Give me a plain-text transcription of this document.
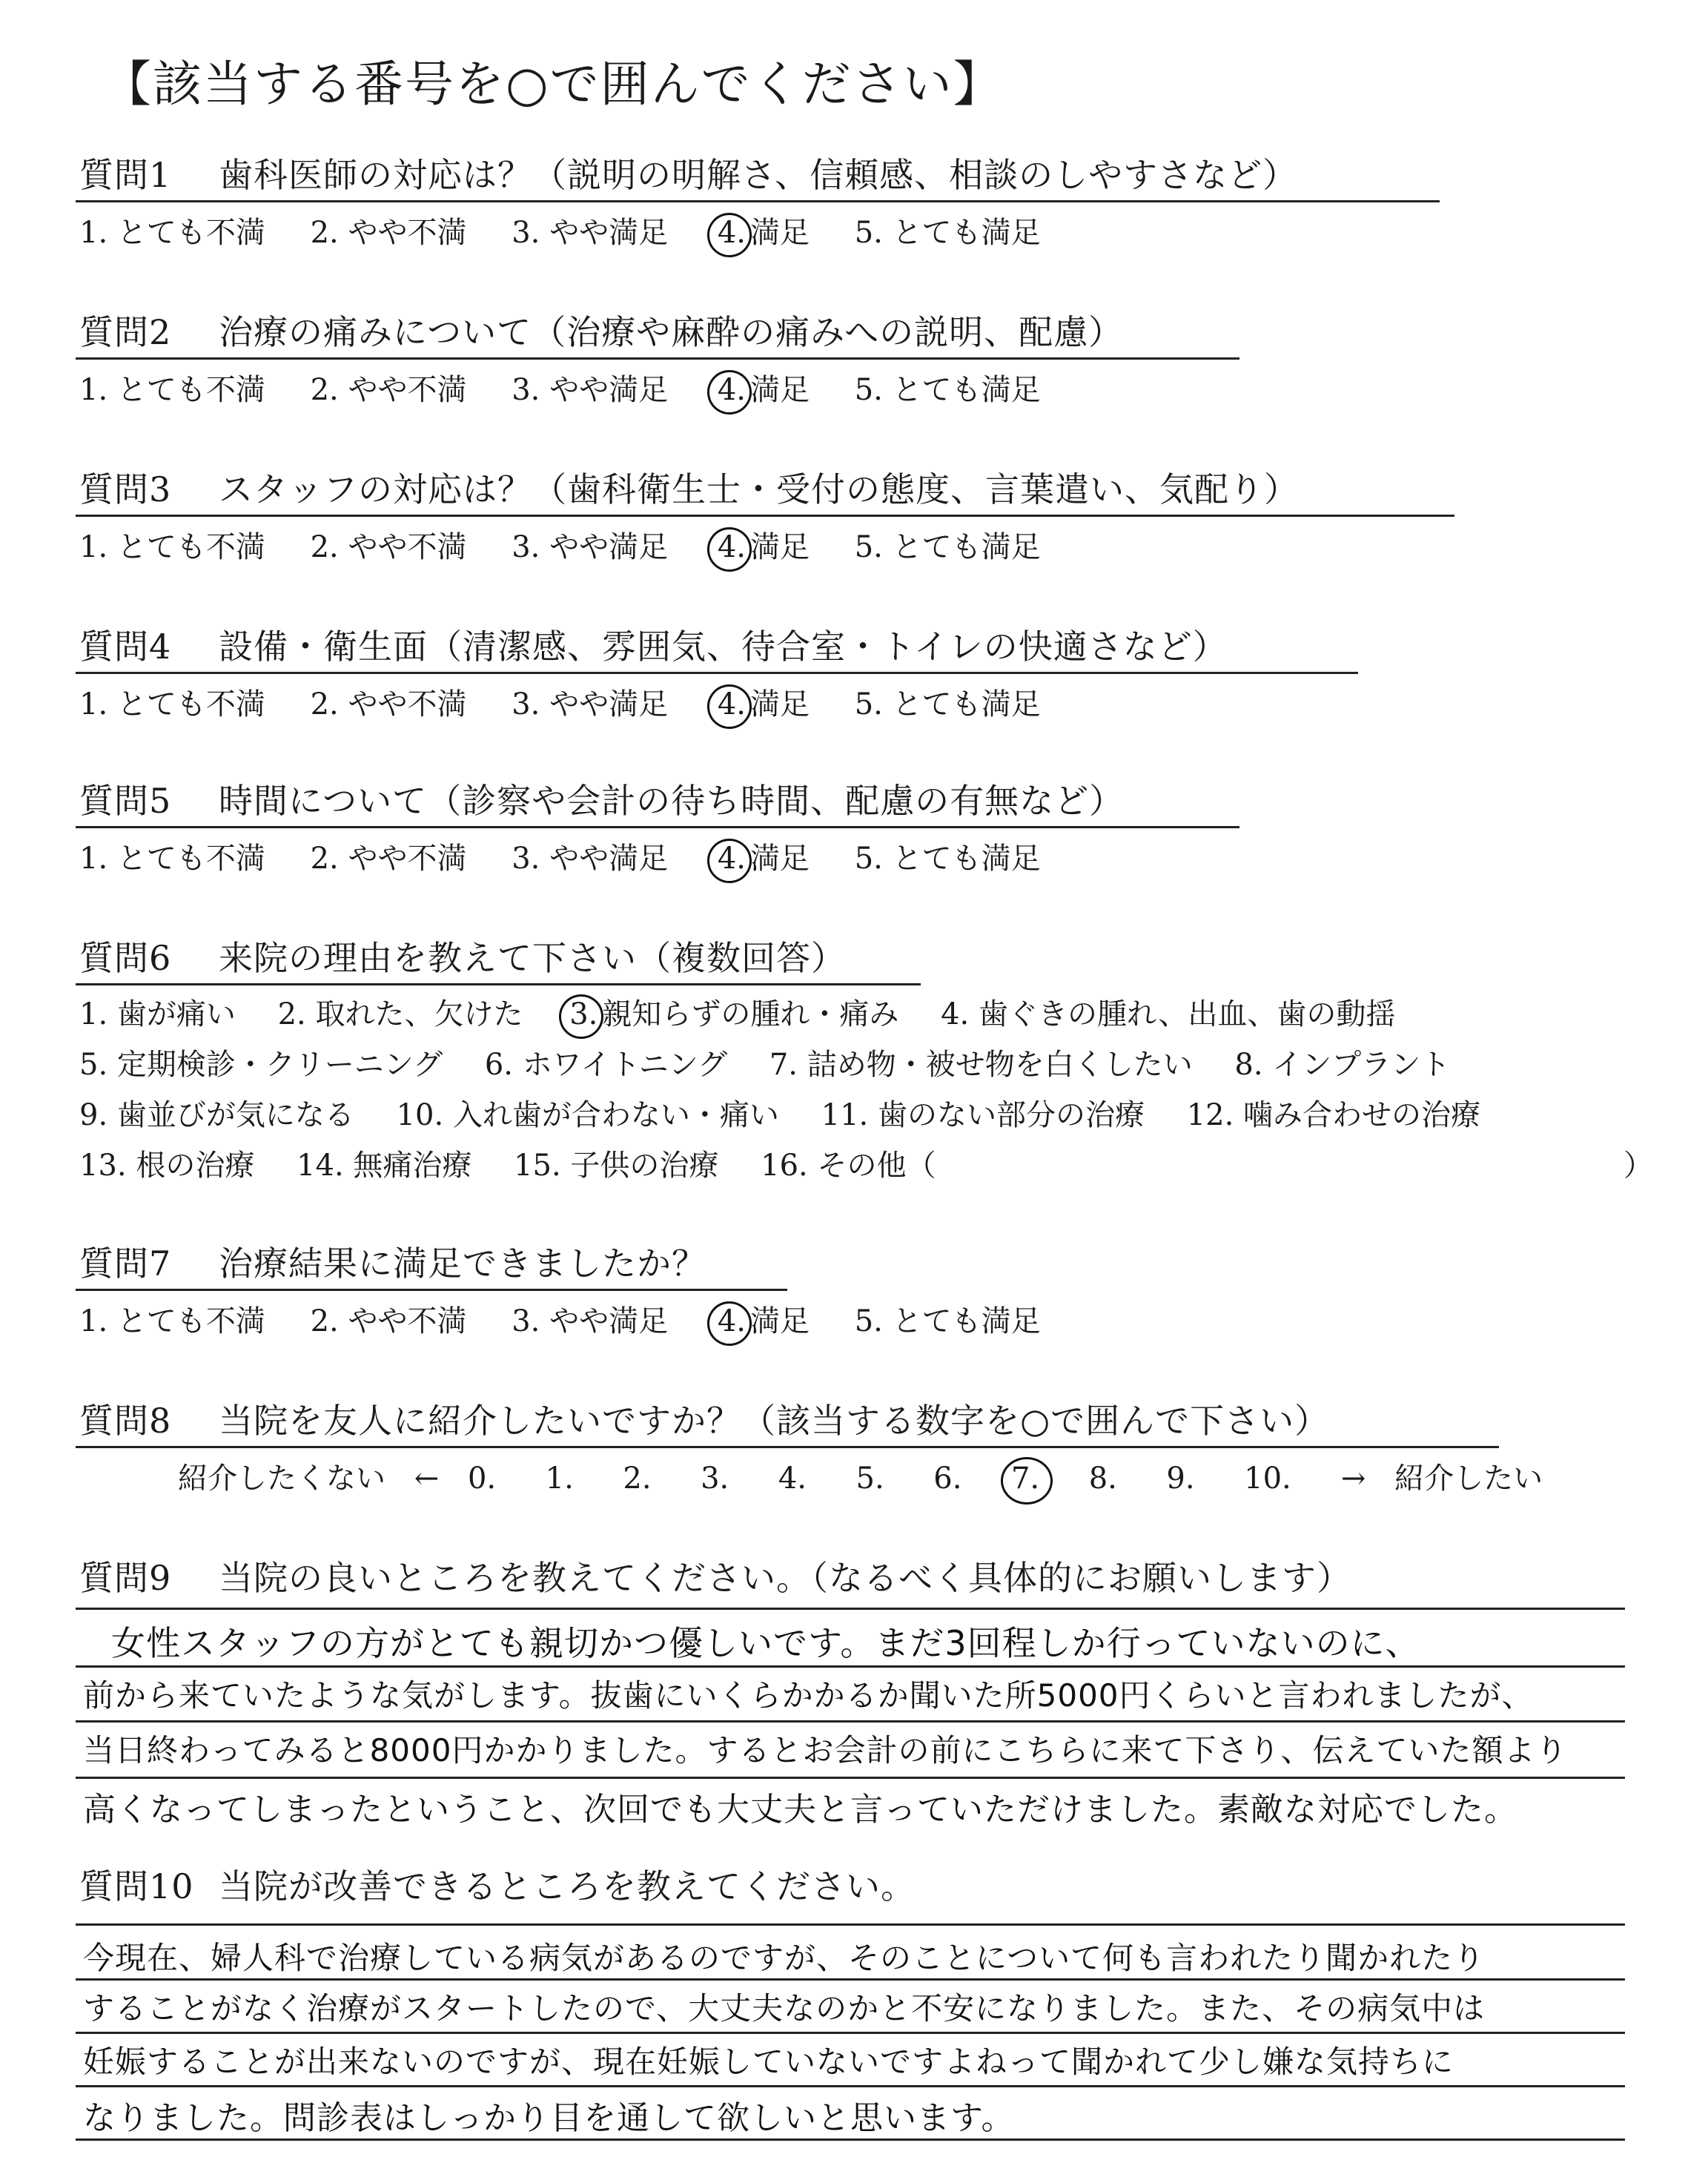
【該当する番号を○で囲んでください】
質問1 歯科医師の対応は？（説明の明解さ、信頼感、相談のしやすさなど）
1. とても不満 2. やや不満 3. やや満足 4. 満足 5. とても満足
質問2 治療の痛みについて（治療や麻酔の痛みへの説明、配慮）
1. とても不満 2. やや不満 3. やや満足 4. 満足 5. とても満足
質問3 スタッフの対応は？（歯科衛生士・受付の態度、言葉遣い、気配り）
1. とても不満 2. やや不満 3. やや満足 4. 満足 5. とても満足
質問4 設備・衛生面（清潔感、雰囲気、待合室・トイレの快適さなど）
1. とても不満 2. やや不満 3. やや満足 4. 満足 5. とても満足
質問5 時間について（診察や会計の待ち時間、配慮の有無など）
1. とても不満 2. やや不満 3. やや満足 4. 満足 5. とても満足
質問6 来院の理由を教えて下さい（複数回答）
1. 歯が痛い 2. 取れた、欠けた 3. 親知らずの腫れ・痛み 4. 歯ぐきの腫れ、出血、歯の動揺
5. 定期検診・クリーニング 6. ホワイトニング 7. 詰め物・被せ物を白くしたい 8. インプラント
9. 歯並びが気になる 10. 入れ歯が合わない・痛い 11. 歯のない部分の治療 12. 噛み合わせの治療
13. 根の治療 14. 無痛治療 15. 子供の治療 16. その他（	）
質問7 治療結果に満足できましたか？
1. とても不満 2. やや不満 3. やや満足 4. 満足 5. とても満足
質問8 当院を友人に紹介したいですか？（該当する数字を○で囲んで下さい）
紹介したくない ← 0. 1. 2. 3. 4. 5. 6. 7. 8. 9. 10. → 紹介したい
質問9 当院の良いところを教えてください。（なるべく具体的にお願いします）
女性スタッフの方がとても親切かつ優しいです。まだ3回程しか行っていないのに、
前から来ていたような気がします。抜歯にいくらかかるか聞いた所5000円くらいと言われましたが、
当日終わってみると8000円かかりました。するとお会計の前にこちらに来て下さり、伝えていた額より
高くなってしまったということ、次回でも大丈夫と言っていただけました。素敵な対応でした。
質問10 当院が改善できるところを教えてください。
今現在、婦人科で治療している病気があるのですが、そのことについて何も言われたり聞かれたり
することがなく治療がスタートしたので、大丈夫なのかと不安になりました。また、その病気中は
妊娠することが出来ないのですが、現在妊娠していないですよねって聞かれて少し嫌な気持ちに
なりました。問診表はしっかり目を通して欲しいと思います。
